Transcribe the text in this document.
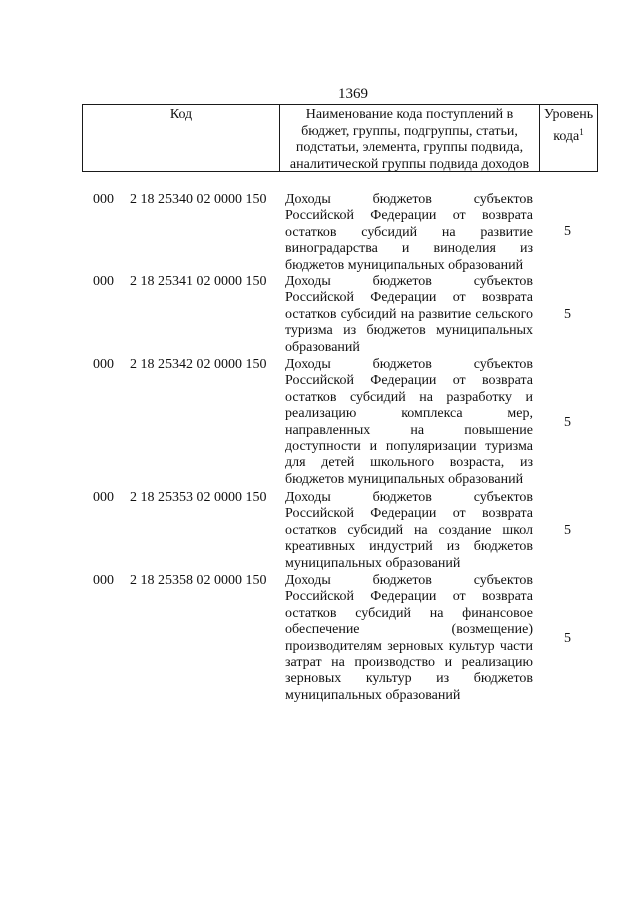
1369
Код	Наименование кода поступлений в
бюджет, группы, подгруппы, статьи,
подстатьи, элемента, группы подвида,
аналитической группы подвида доходов
Уровень
кода$^1$
000 2 18 25340 02 0000 150 Доходы бюджетов субъектов
Российской Федерации от возврата
остатков субсидий на развитие
виноградарства и виноделия из
бюджетов муниципальных образований
5
000 2 18 25341 02 0000 150 Доходы бюджетов субъектов
Российской Федерации от возврата
остатков субсидий на развитие сельского
туризма из бюджетов муниципальных
образований
5
000 2 18 25342 02 0000 150 Доходы бюджетов субъектов
Российской Федерации от возврата
остатков субсидий на разработку и
реализацию комплекса мер,
направленных на повышение
доступности и популяризации туризма
для детей школьного возраста, из
бюджетов муниципальных образований
5
000 2 18 25353 02 0000 150 Доходы бюджетов субъектов
Российской Федерации от возврата
остатков субсидий на создание школ
креативных индустрий из бюджетов
муниципальных образований
5
000 2 18 25358 02 0000 150 Доходы бюджетов субъектов
Российской Федерации от возврата
остатков субсидий на финансовое
обеспечение (возмещение)
производителям зерновых культур части
затрат на производство и реализацию
зерновых культур из бюджетов
муниципальных образований
5
